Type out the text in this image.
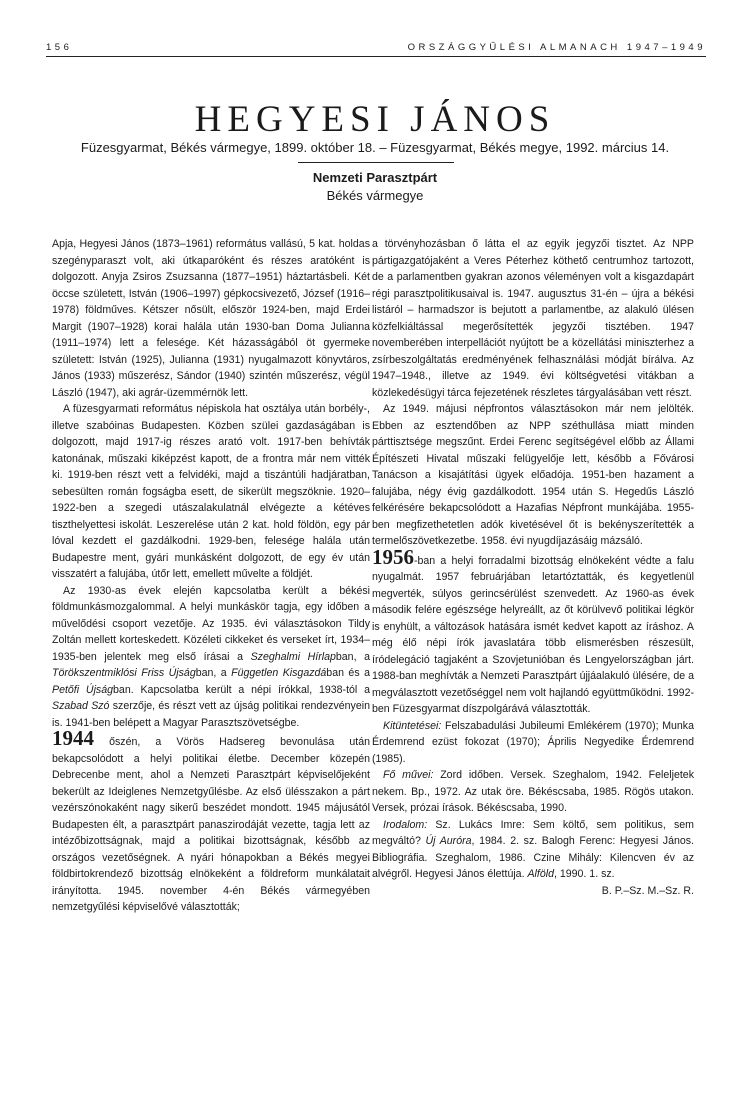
156	ORSZÁGGYŰLÉSI ALMANACH 1947–1949
HEGYESI JÁNOS
Füzesgyarmat, Békés vármegye, 1899. október 18. – Füzesgyarmat, Békés megye, 1992. március 14.
Nemzeti Parasztpárt
Békés vármegye

Apja, Hegyesi János (1873–1961) református vallású, 5 kat. holdas szegényparaszt volt, aki útkaparóként és részes aratóként is dolgozott. Anyja Zsiros Zsuzsanna (1877–1951) háztartásbeli. Két öccse született, István (1906–1997) gépkocsivezető, József (1916–1978) földműves. Kétszer nősült, először 1924-ben, majd Erdei Margit (1907–1928) korai halála után 1930-ban Doma Julianna (1911–1974) lett a felesége. Két házasságából öt gyermeke született: István (1925), Julianna (1931) nyugalmazott könyvtáros, János (1933) műszerész, Sándor (1940) szintén műszerész, végül László (1947), aki agrár-üzemmérnök lett.

A füzesgyarmati református népiskola hat osztálya után borbély-, illetve szabóinas Budapesten. Közben szülei gazdaságában is dolgozott, majd 1917-ig részes arató volt. 1917-ben behívták katonának, műszaki kiképzést kapott, de a frontra már nem vitték ki. 1919-ben részt vett a felvidéki, majd a tiszántúli hadjáratban, sebesülten román fogságba esett, de sikerült megszöknie. 1920–1922-ben a szegedi utászalakulatnál elvégezte a kétéves tiszthelyettesi iskolát. Leszerelése után 2 kat. hold földön, egy pár lóval kezdett el gazdálkodni. 1929-ben, felesége halála után Budapestre ment, gyári munkásként dolgozott, de egy év után visszatért a falujába, útőr lett, emellett művelte a földjét.

Az 1930-as évek elején kapcsolatba került a békési földmunkásmozgalommal. A helyi munkáskör tagja, egy időben a művelődési csoport vezetője. Az 1935. évi választásokon Tildy Zoltán mellett korteskedett. Közéleti cikkeket és verseket írt, 1934–1935-ben jelentek meg első írásai a Szeghalmi Hírlapban, a Törökszentmiklósi Friss Újságban, a Független Kisgazdában és a Petőfi Újságban. Kapcsolatba került a népi írókkal, 1938-tól a Szabad Szó szerzője, és részt vett az újság politikai rendezvényein is. 1941-ben belépett a Magyar Parasztszövetségbe.

1944 őszén, a Vörös Hadsereg bevonulása után bekapcsolódott a helyi politikai életbe. December közepén Debrecenbe ment, ahol a Nemzeti Parasztpárt képviselőjeként bekerült az Ideiglenes Nemzetgyűlésbe. Az első ülésszakon a párt vezérszónokaként nagy sikerű beszédet mondott. 1945 májusától Budapesten élt, a parasztpárt panaszirodáját vezette, tagja lett az intézőbizottságnak, majd a politikai bizottságnak, később az országos vezetőségnek. A nyári hónapokban a Békés megyei földbirtokrendező bizottság elnökeként a földreform munkálatait irányította. 1945. november 4-én Békés vármegyében nemzetgyűlési képviselővé választották;

a törvényhozásban ő látta el az egyik jegyzői tisztet. Az NPP pártigazgatójaként a Veres Péterhez köthető centrumhoz tartozott, de a parlamentben gyakran azonos véleményen volt a kisgazdapárt régi parasztpolitikusaival is. 1947. augusztus 31-én – újra a békési listáról – harmadszor is bejutott a parlamentbe, az alakuló ülésen közfelkiáltással megerősítették jegyzői tisztében. 1947 novemberében interpellációt nyújtott be a közellátási miniszterhez a zsírbeszolgáltatás eredményének felhasználási módját bírálva. Az 1947–1948., illetve az 1949. évi költségvetési vitákban a közlekedésügyi tárca fejezetének részletes tárgyalásában vett részt.

Az 1949. májusi népfrontos választásokon már nem jelölték. Ebben az esztendőben az NPP széthullása miatt minden párttisztsége megszűnt. Erdei Ferenc segítségével előbb az Állami Építészeti Hivatal műszaki felügyelője lett, később a Fővárosi Tanácson a kisajátítási ügyek előadója. 1951-ben hazament a falujába, négy évig gazdálkodott. 1954 után S. Hegedűs László felkérésére bekapcsolódott a Hazafias Népfront munkájába. 1955-ben megfizethetetlen adók kivetésével őt is bekényszerítették a termelőszövetkezetbe. 1958. évi nyugdíjazásáig mázsáló.

1956-ban a helyi forradalmi bizottság elnökeként védte a falu nyugalmát. 1957 februárjában letartóztatták, és kegyetlenül megverték, súlyos gerincsérülést szenvedett. Az 1960-as évek második felére egészsége helyreállt, az őt körülvevő politikai légkör is enyhült, a változások hatására ismét kedvet kapott az íráshoz. A még élő népi írók javaslatára több elismerésben részesült, íródelegáció tagjaként a Szovjetunióban és Lengyelországban járt. 1988-ban meghívták a Nemzeti Parasztpárt újjáalakuló ülésére, de a megválasztott vezetőséggel nem volt hajlandó együttműködni. 1992-ben Füzesgyarmat díszpolgárává választották.

Kitüntetései: Felszabadulási Jubileumi Emlékérem (1970); Munka Érdemrend ezüst fokozat (1970); Április Negyedike Érdemrend (1985).

Fő művei: Zord időben. Versek. Szeghalom, 1942. Feleljetek nekem. Bp., 1972. Az utak öre. Békéscsaba, 1985. Rögös utakon. Versek, prózai írások. Békéscsaba, 1990.

Irodalom: Sz. Lukács Imre: Sem költő, sem politikus, sem megváltó? Új Auróra, 1984. 2. sz. Balogh Ferenc: Hegyesi János. Bibliográfia. Szeghalom, 1986. Czine Mihály: Kilencven év az alvégről. Hegyesi János élettúja. Alföld, 1990. 1. sz.

B. P.–Sz. M.–Sz. R.
